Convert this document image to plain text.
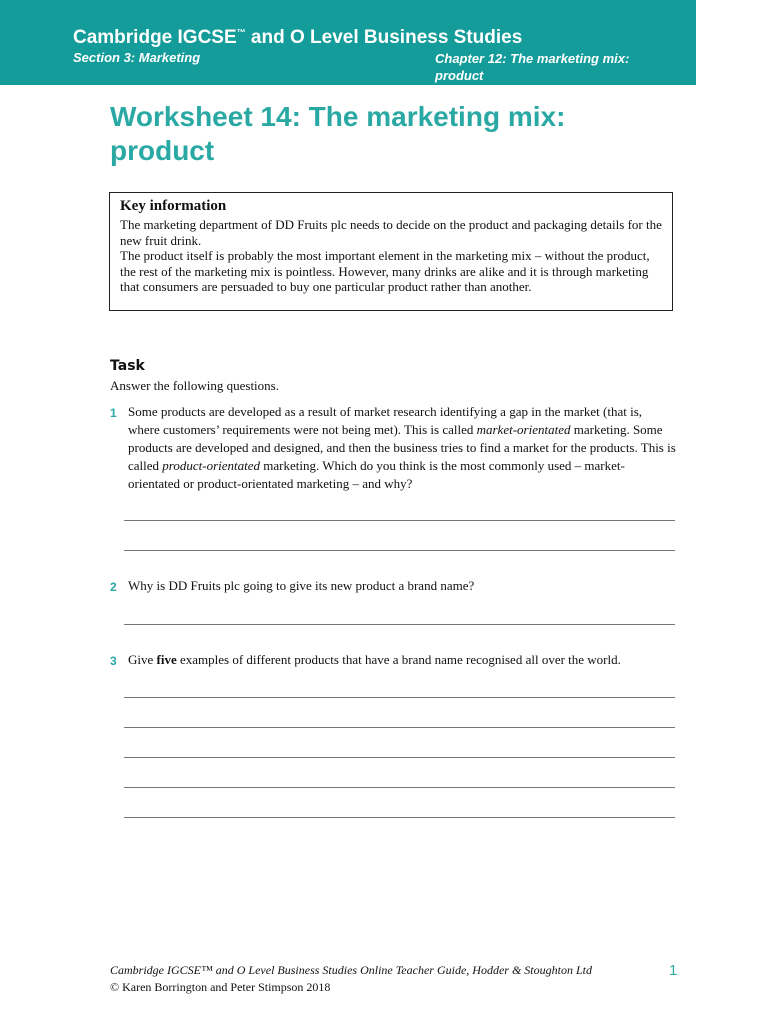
Cambridge IGCSE™ and O Level Business Studies
Section 3: Marketing	Chapter 12: The marketing mix: product
Worksheet 14: The marketing mix: product
Key information

The marketing department of DD Fruits plc needs to decide on the product and packaging details for the new fruit drink.

The product itself is probably the most important element in the marketing mix – without the product, the rest of the marketing mix is pointless. However, many drinks are alike and it is through marketing that consumers are persuaded to buy one particular product rather than another.

Task
Answer the following questions.
1 Some products are developed as a result of market research identifying a gap in the market (that is, where customers’ requirements were not being met). This is called market-orientated marketing. Some products are developed and designed, and then the business tries to find a market for the products. This is called product-orientated marketing. Which do you think is the most commonly used – market-orientated or product-orientated marketing – and why?
2 Why is DD Fruits plc going to give its new product a brand name?
3 Give five examples of different products that have a brand name recognised all over the world.
Cambridge IGCSE™ and O Level Business Studies Online Teacher Guide, Hodder & Stoughton Ltd
© Karen Borrington and Peter Stimpson 2018
1
